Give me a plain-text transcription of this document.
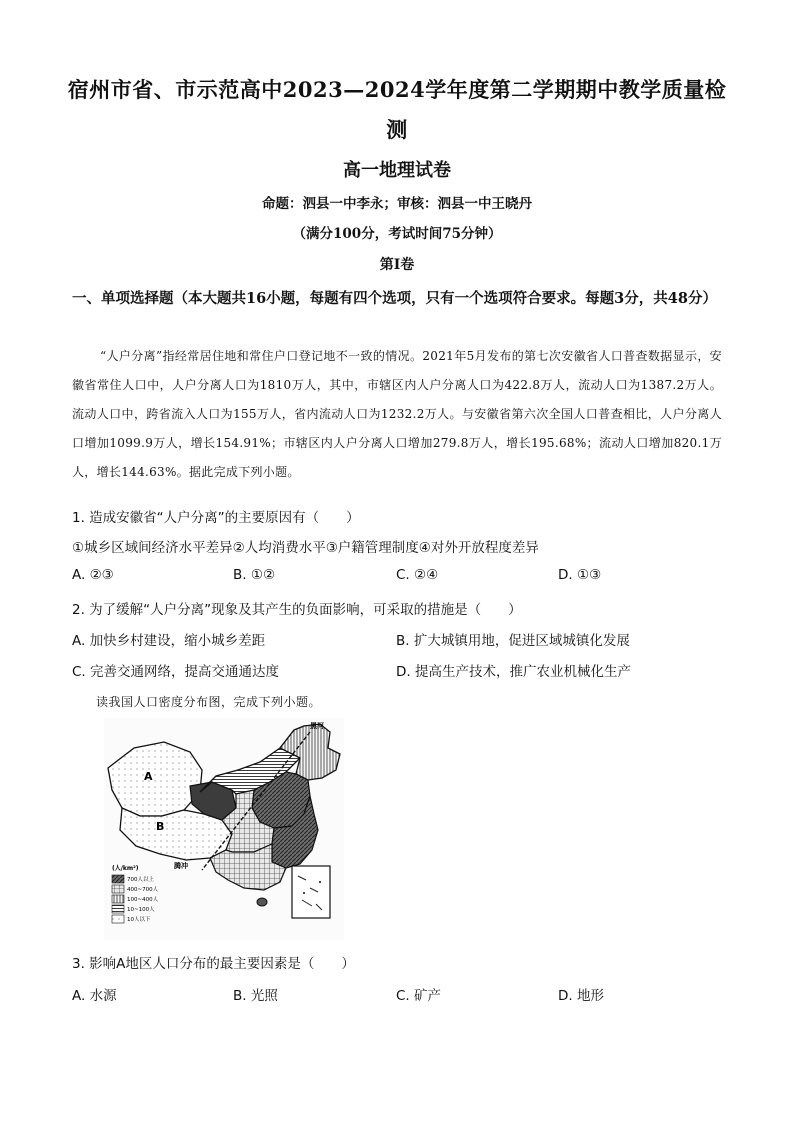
宿州市省、市示范高中2023—2024学年度第二学期期中教学质量检测
高一地理试卷
命题：泗县一中李永；审核：泗县一中王晓丹
（满分100分，考试时间75分钟）
第Ⅰ卷
一、单项选择题（本大题共16小题，每题有四个选项，只有一个选项符合要求。每题3分，共48分）
“人户分离”指经常居住地和常住户口登记地不一致的情况。2021年5月发布的第七次安徽省人口普查数据显示，安徽省常住人口中，人户分离人口为1810万人，其中，市辖区内人户分离人口为422.8万人，流动人口为1387.2万人。流动人口中，跨省流入人口为155万人，省内流动人口为1232.2万人。与安徽省第六次全国人口普查相比，人户分离人口增加1099.9万人，增长154.91%；市辖区内人户分离人口增加279.8万人，增长195.68%；流动人口增加820.1万人，增长144.63%。据此完成下列小题。
1. 造成安徽省“人户分离”的主要原因有（　　）
①城乡区域间经济水平差异②人均消费水平③户籍管理制度④对外开放程度差异
A. ②③	B. ①②	C. ②④	D. ①③
2. 为了缓解“人户分离”现象及其产生的负面影响，可采取的措施是（　　）
A. 加快乡村建设，缩小城乡差距	B. 扩大城镇用地，促进区域城镇化发展
C. 完善交通网络，提高交通通达度	D. 提高生产技术，推广农业机械化生产
读我国人口密度分布图，完成下列小题。
A
B
黑河
腾冲
(人/km²)
700人以上
400~700人
100~400人
10~100人
10人以下
3. 影响A地区人口分布的最主要因素是（　　）
A. 水源	B. 光照	C. 矿产	D. 地形
